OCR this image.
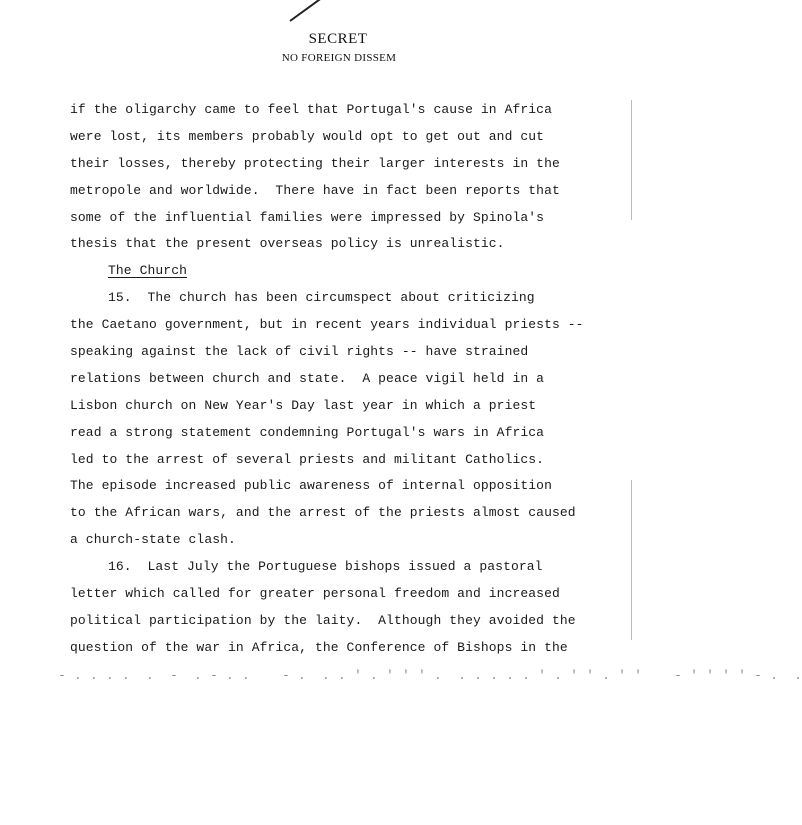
SECRET
NO FOREIGN DISSEM
if the oligarchy came to feel that Portugal's cause in Africa
were lost, its members probably would opt to get out and cut
their losses, thereby protecting their larger interests in the
metropole and worldwide.  There have in fact been reports that
some of the influential families were impressed by Spinola's
thesis that the present overseas policy is unrealistic.
The Church
15.  The church has been circumspect about criticizing
the Caetano government, but in recent years individual priests --
speaking against the lack of civil rights -- have strained
relations between church and state.  A peace vigil held in a
Lisbon church on New Year's Day last year in which a priest
read a strong statement condemning Portugal's wars in Africa
led to the arrest of several priests and militant Catholics.
The episode increased public awareness of internal opposition
to the African wars, and the arrest of the priests almost caused
a church-state clash.
16.  Last July the Portuguese bishops issued a pastoral
letter which called for greater personal freedom and increased
political participation by the laity.  Although they avoided the
question of the war in Africa, the Conference of Bishops in the
- . . . .  .  -  . - . .    - .  . . ' . ' ' ' .  . . . . . ' . ' ' . ' '    - ' ' ' ' - .  .
